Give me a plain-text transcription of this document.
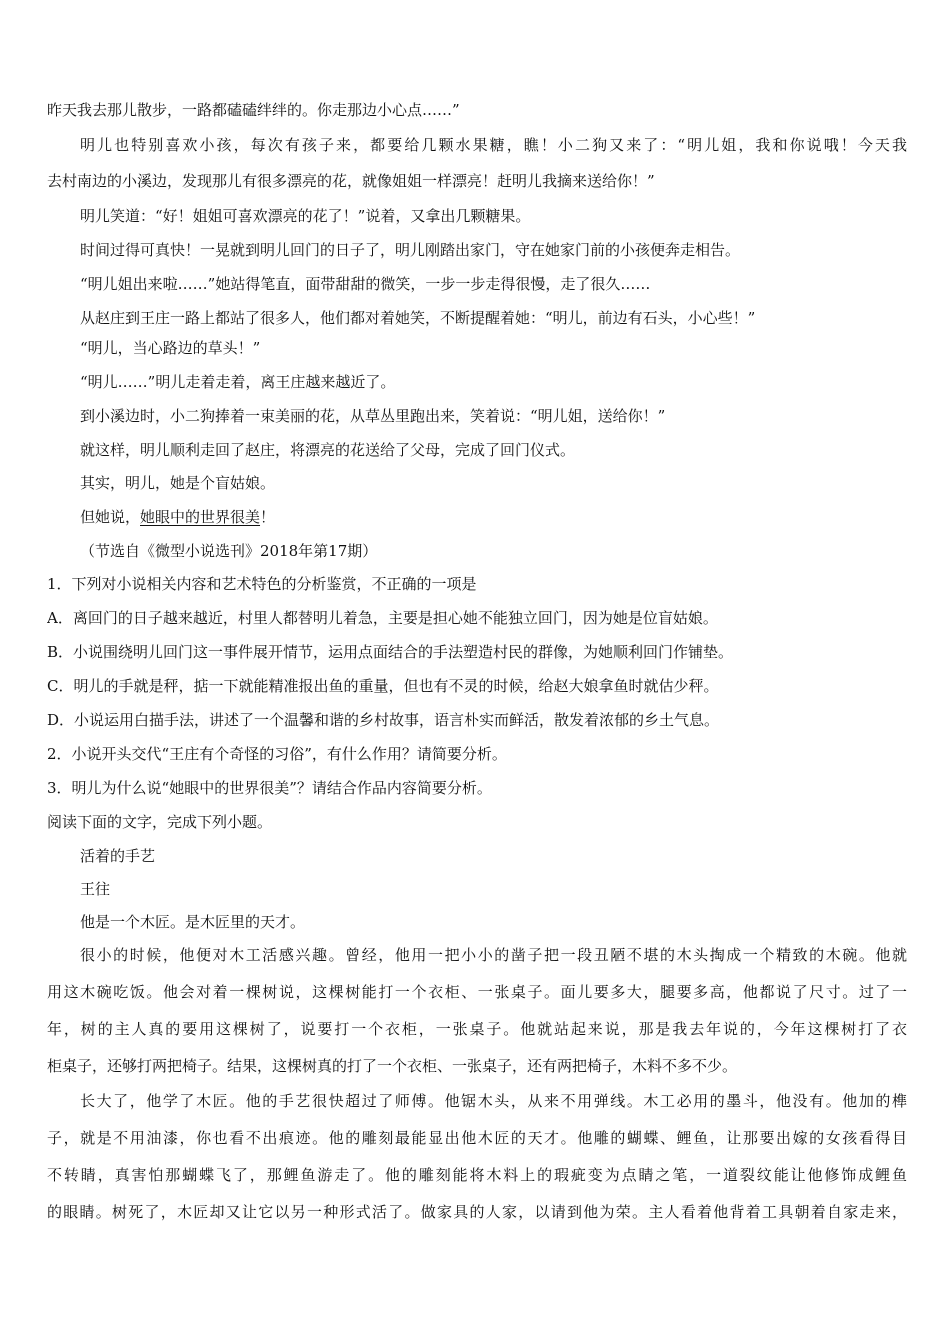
昨天我去那儿散步，一路都磕磕绊绊的。你走那边小心点……”
明儿也特别喜欢小孩，每次有孩子来，都要给几颗水果糖，瞧！小二狗又来了：“明儿姐，我和你说哦！今天我
去村南边的小溪边，发现那儿有很多漂亮的花，就像姐姐一样漂亮！赶明儿我摘来送给你！”
明儿笑道：“好！姐姐可喜欢漂亮的花了！”说着，又拿出几颗糖果。
时间过得可真快！一晃就到明儿回门的日子了，明儿刚踏出家门，守在她家门前的小孩便奔走相告。
“明儿姐出来啦……”她站得笔直，面带甜甜的微笑，一步一步走得很慢，走了很久……
从赵庄到王庄一路上都站了很多人，他们都对着她笑，不断提醒着她：“明儿，前边有石头，小心些！”
“明儿，当心路边的草头！”
“明儿……”明儿走着走着，离王庄越来越近了。
到小溪边时，小二狗捧着一束美丽的花，从草丛里跑出来，笑着说：“明儿姐，送给你！”
就这样，明儿顺利走回了赵庄，将漂亮的花送给了父母，完成了回门仪式。
其实，明儿，她是个盲姑娘。
但她说，她眼中的世界很美！
（节选自《微型小说选刊》2018年第17期）
1．下列对小说相关内容和艺术特色的分析鉴赏，不正确的一项是
A．离回门的日子越来越近，村里人都替明儿着急，主要是担心她不能独立回门，因为她是位盲姑娘。
B．小说围绕明儿回门这一事件展开情节，运用点面结合的手法塑造村民的群像，为她顺利回门作铺垫。
C．明儿的手就是秤，掂一下就能精准报出鱼的重量，但也有不灵的时候，给赵大娘拿鱼时就估少秤。
D．小说运用白描手法，讲述了一个温馨和谐的乡村故事，语言朴实而鲜活，散发着浓郁的乡土气息。
2．小说开头交代“王庄有个奇怪的习俗”，有什么作用？请简要分析。
3．明儿为什么说“她眼中的世界很美”？请结合作品内容简要分析。
阅读下面的文字，完成下列小题。
活着的手艺
王往
他是一个木匠。是木匠里的天才。
很小的时候，他便对木工活感兴趣。曾经，他用一把小小的凿子把一段丑陋不堪的木头掏成一个精致的木碗。他就
用这木碗吃饭。他会对着一棵树说，这棵树能打一个衣柜、一张桌子。面儿要多大，腿要多高，他都说了尺寸。过了一
年，树的主人真的要用这棵树了，说要打一个衣柜，一张桌子。他就站起来说，那是我去年说的，今年这棵树打了衣
柜桌子，还够打两把椅子。结果，这棵树真的打了一个衣柜、一张桌子，还有两把椅子，木料不多不少。
长大了，他学了木匠。他的手艺很快超过了师傅。他锯木头，从来不用弹线。木工必用的墨斗，他没有。他加的榫
子，就是不用油漆，你也看不出痕迹。他的雕刻最能显出他木匠的天才。他雕的蝴蝶、鲤鱼，让那要出嫁的女孩看得目
不转睛，真害怕那蝴蝶飞了，那鲤鱼游走了。他的雕刻能将木料上的瑕疵变为点睛之笔，一道裂纹能让他修饰成鲤鱼
的眼睛。树死了，木匠却又让它以另一种形式活了。做家具的人家，以请到他为荣。主人看着他背着工具朝着自家走来，
